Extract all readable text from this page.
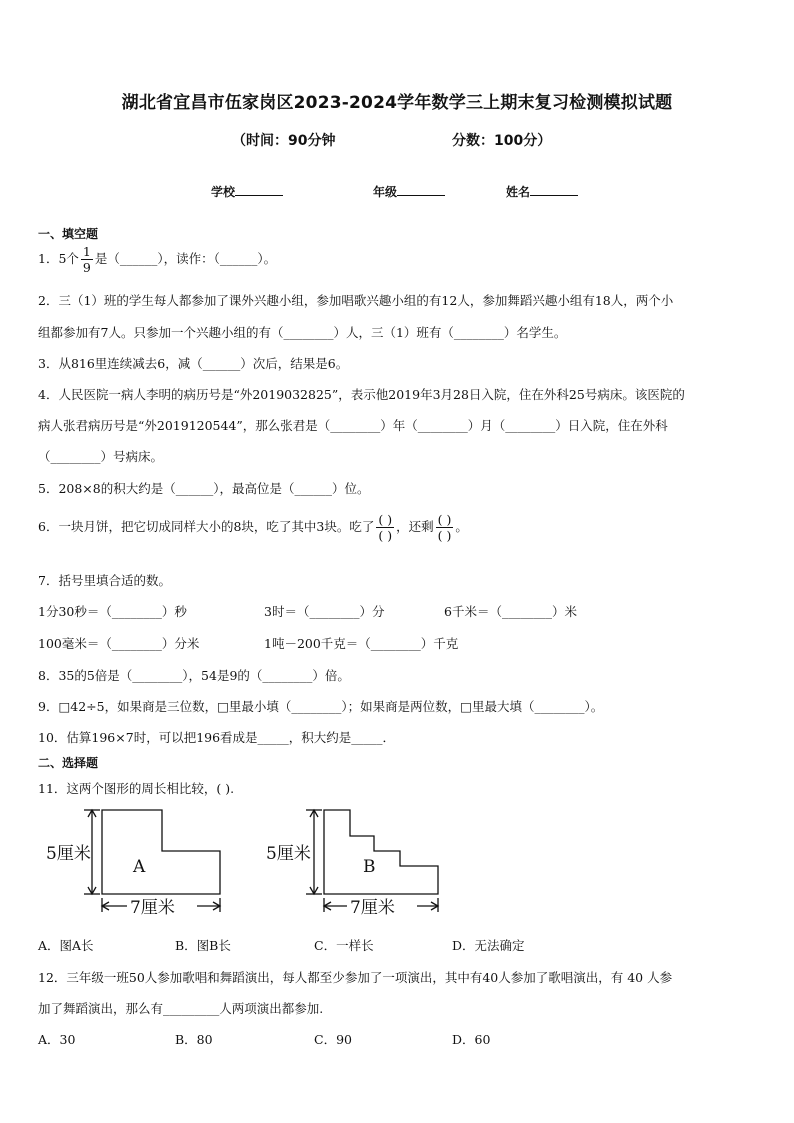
湖北省宜昌市伍家岗区2023-2024学年数学三上期末复习检测模拟试题
（时间：90分钟	分数：100分）
学校	年级	姓名
一、填空题
1．5个 $\frac{1}{9}$ 是（______），读作：（______）。
2．三（1）班的学生每人都参加了课外兴趣小组，参加唱歌兴趣小组的有12人，参加舞蹈兴趣小组有18人，两个小
组都参加有7人。只参加一个兴趣小组的有（________）人，三（1）班有（________）名学生。
3．从816里连续减去6，减（______）次后，结果是6。
4．人民医院一病人李明的病历号是“外2019032825”，表示他2019年3月28日入院，住在外科25号病床。该医院的
病人张君病历号是“外2019120544”，那么张君是（________）年（________）月（________）日入院，住在外科
（________）号病床。
5．208×8的积大约是（______），最高位是（______）位。
6．一块月饼，把它切成同样大小的8块，吃了其中3块。吃了 $\frac{( )}{( )}$ ，还剩 $\frac{( )}{( )}$ 。
7．括号里填合适的数。
1分30秒＝（________）秒	3时＝（________）分	6千米＝（________）米
100毫米＝（________）分米	1吨－200千克＝（________）千克
8．35的5倍是（________），54是9的（________）倍。
9．□42÷5，如果商是三位数，□里最小填（________）；如果商是两位数，□里最大填（________）。
10．估算196×7时，可以把196看成是_____，积大约是_____．
二、选择题
11．这两个图形的周长相比较，( ).
5厘米
A
7厘米
5厘米
B
7厘米
A．图A长	B．图B长	C．一样长	D．无法确定
12．三年级一班50人参加歌唱和舞蹈演出，每人都至少参加了一项演出，其中有40人参加了歌唱演出，有 40 人参
加了舞蹈演出，那么有_________人两项演出都参加.
A．30	B．80	C．90	D．60
